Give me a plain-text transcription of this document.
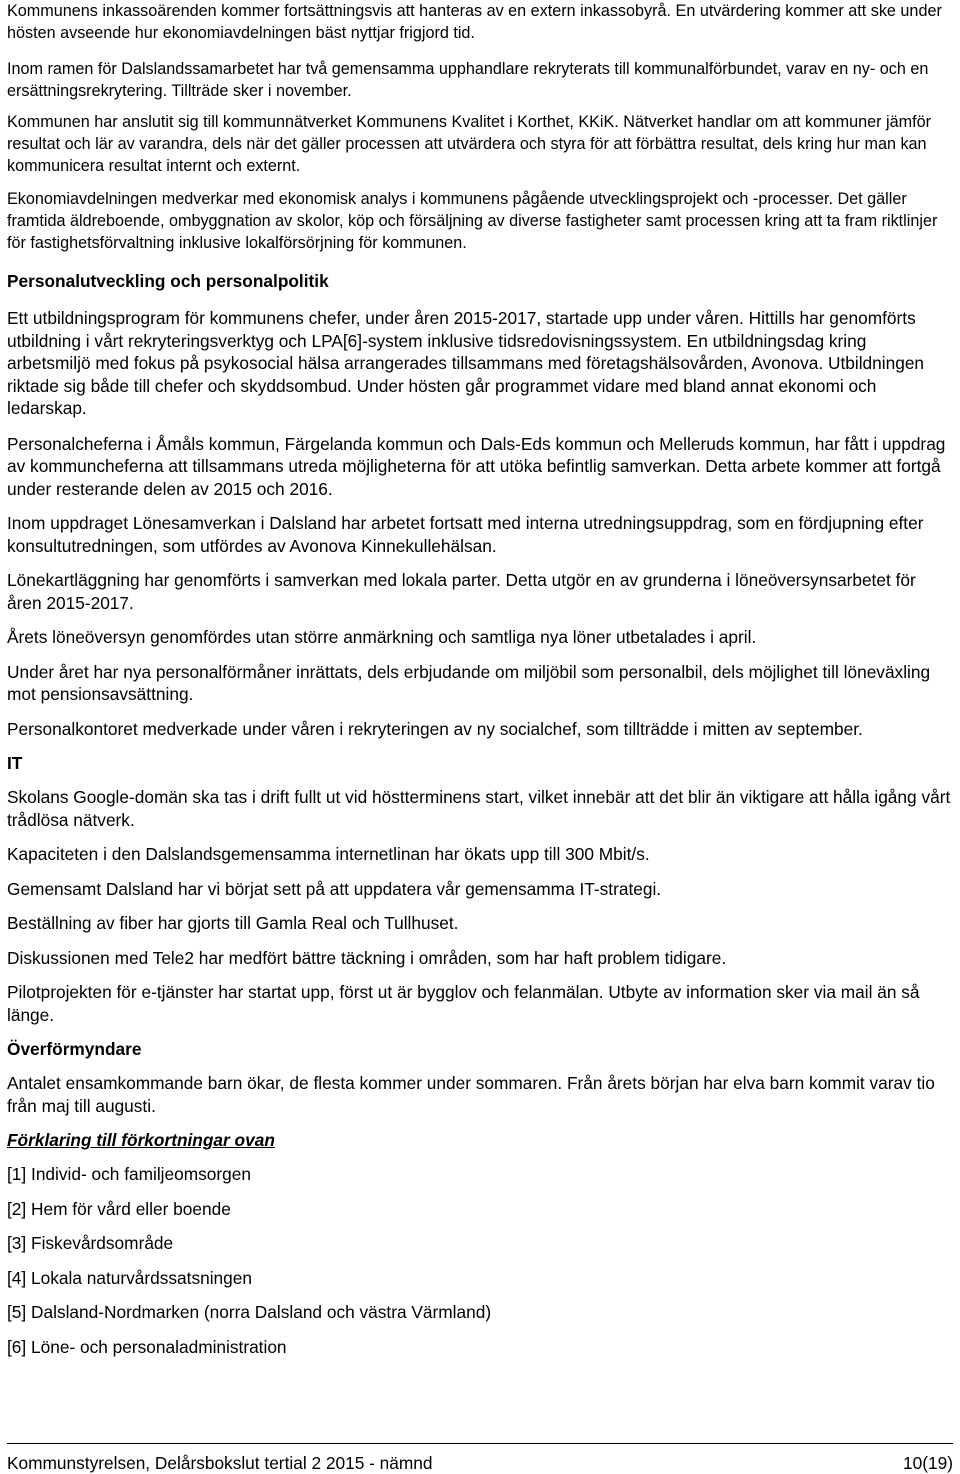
Kommunens inkassoärenden kommer fortsättningsvis att hanteras av en extern inkassobyrå. En utvärdering kommer att ske under hösten avseende hur ekonomiavdelningen bäst nyttjar frigjord tid.

Inom ramen för Dalslandssamarbetet har två gemensamma upphandlare rekryterats till kommunalförbundet, varav en ny- och en ersättningsrekrytering. Tillträde sker i november.

Kommunen har anslutit sig till kommunnätverket Kommunens Kvalitet i Korthet, KKiK. Nätverket handlar om att kommuner jämför resultat och lär av varandra, dels när det gäller processen att utvärdera och styra för att förbättra resultat, dels kring hur man kan kommunicera resultat internt och externt.

Ekonomiavdelningen medverkar med ekonomisk analys i kommunens pågående utvecklingsprojekt och -processer. Det gäller framtida äldreboende, ombyggnation av skolor, köp och försäljning av diverse fastigheter samt processen kring att ta fram riktlinjer för fastighetsförvaltning inklusive lokalförsörjning för kommunen.

Personalutveckling och personalpolitik

Ett utbildningsprogram för kommunens chefer, under åren 2015-2017, startade upp under våren. Hittills har genomförts utbildning i vårt rekryteringsverktyg och LPA[6]-system inklusive tidsredovisningssystem. En utbildningsdag kring arbetsmiljö med fokus på psykosocial hälsa arrangerades tillsammans med företagshälsovården, Avonova. Utbildningen riktade sig både till chefer och skyddsombud. Under hösten går programmet vidare med bland annat ekonomi och ledarskap.

Personalcheferna i Åmåls kommun, Färgelanda kommun och Dals-Eds kommun och Melleruds kommun, har fått i uppdrag av kommuncheferna att tillsammans utreda möjligheterna för att utöka befintlig samverkan. Detta arbete kommer att fortgå under resterande delen av 2015 och 2016.

Inom uppdraget Lönesamverkan i Dalsland har arbetet fortsatt med interna utredningsuppdrag, som en fördjupning efter konsultutredningen, som utfördes av Avonova Kinnekullehälsan.

Lönekartläggning har genomförts i samverkan med lokala parter. Detta utgör en av grunderna i löneöversynsarbetet för åren 2015-2017.

Årets löneöversyn genomfördes utan större anmärkning och samtliga nya löner utbetalades i april.

Under året har nya personalförmåner inrättats, dels erbjudande om miljöbil som personalbil, dels möjlighet till löneväxling mot pensionsavsättning.

Personalkontoret medverkade under våren i rekryteringen av ny socialchef, som tillträdde i mitten av september.

IT

Skolans Google-domän ska tas i drift fullt ut vid höstterminens start, vilket innebär att det blir än viktigare att hålla igång vårt trådlösa nätverk.

Kapaciteten i den Dalslandsgemensamma internetlinan har ökats upp till 300 Mbit/s.

Gemensamt Dalsland har vi börjat sett på att uppdatera vår gemensamma IT-strategi.

Beställning av fiber har gjorts till Gamla Real och Tullhuset.

Diskussionen med Tele2 har medfört bättre täckning i områden, som har haft problem tidigare.

Pilotprojekten för e-tjänster har startat upp, först ut är bygglov och felanmälan. Utbyte av information sker via mail än så länge.

Överförmyndare

Antalet ensamkommande barn ökar, de flesta kommer under sommaren. Från årets början har elva barn kommit varav tio från maj till augusti.

Förklaring till förkortningar ovan

[1] Individ- och familjeomsorgen

[2] Hem för vård eller boende

[3] Fiskevårdsområde

[4] Lokala naturvårdssatsningen

[5] Dalsland-Nordmarken (norra Dalsland och västra Värmland)

[6] Löne- och personaladministration

Kommunstyrelsen, Delårsbokslut tertial 2 2015 - nämnd	10(19)
